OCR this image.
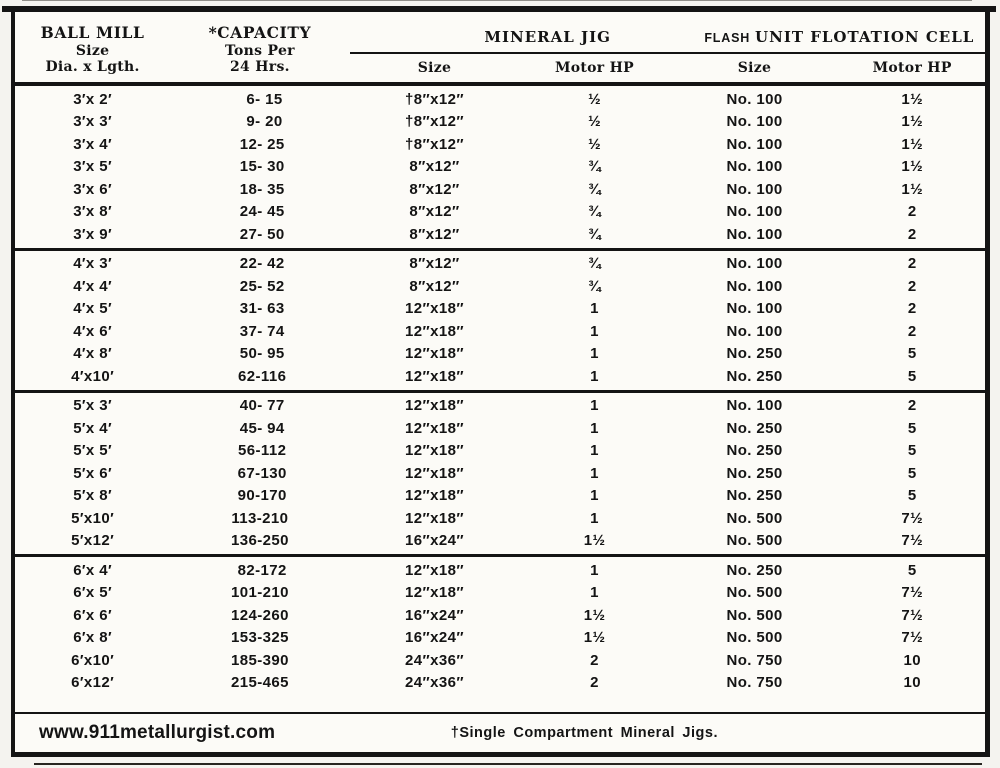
BALL MILL
Size
Dia. x Lgth.
*CAPACITY
Tons Per
24 Hrs.
MINERAL JIG
Size	Motor HP
FLASH UNIT FLOTATION CELL
Size	Motor HP
3′x 2′	6- 15	†8″x12″	½	No. 100	1½
3′x 3′	9- 20	†8″x12″	½	No. 100	1½
3′x 4′	12- 25	†8″x12″	½	No. 100	1½
3′x 5′	15- 30	8″x12″	¾	No. 100	1½
3′x 6′	18- 35	8″x12″	¾	No. 100	1½
3′x 8′	24- 45	8″x12″	¾	No. 100	2
3′x 9′	27- 50	8″x12″	¾	No. 100	2
4′x 3′	22- 42	8″x12″	¾	No. 100	2
4′x 4′	25- 52	8″x12″	¾	No. 100	2
4′x 5′	31- 63	12″x18″	1	No. 100	2
4′x 6′	37- 74	12″x18″	1	No. 100	2
4′x 8′	50- 95	12″x18″	1	No. 250	5
4′x10′	62-116	12″x18″	1	No. 250	5
5′x 3′	40- 77	12″x18″	1	No. 100	2
5′x 4′	45- 94	12″x18″	1	No. 250	5
5′x 5′	56-112	12″x18″	1	No. 250	5
5′x 6′	67-130	12″x18″	1	No. 250	5
5′x 8′	90-170	12″x18″	1	No. 250	5
5′x10′	113-210	12″x18″	1	No. 500	7½
5′x12′	136-250	16″x24″	1½	No. 500	7½
6′x 4′	82-172	12″x18″	1	No. 250	5
6′x 5′	101-210	12″x18″	1	No. 500	7½
6′x 6′	124-260	16″x24″	1½	No. 500	7½
6′x 8′	153-325	16″x24″	1½	No. 500	7½
6′x10′	185-390	24″x36″	2	No. 750	10
6′x12′	215-465	24″x36″	2	No. 750	10
www.911metallurgist.com	†Single Compartment Mineral Jigs.
